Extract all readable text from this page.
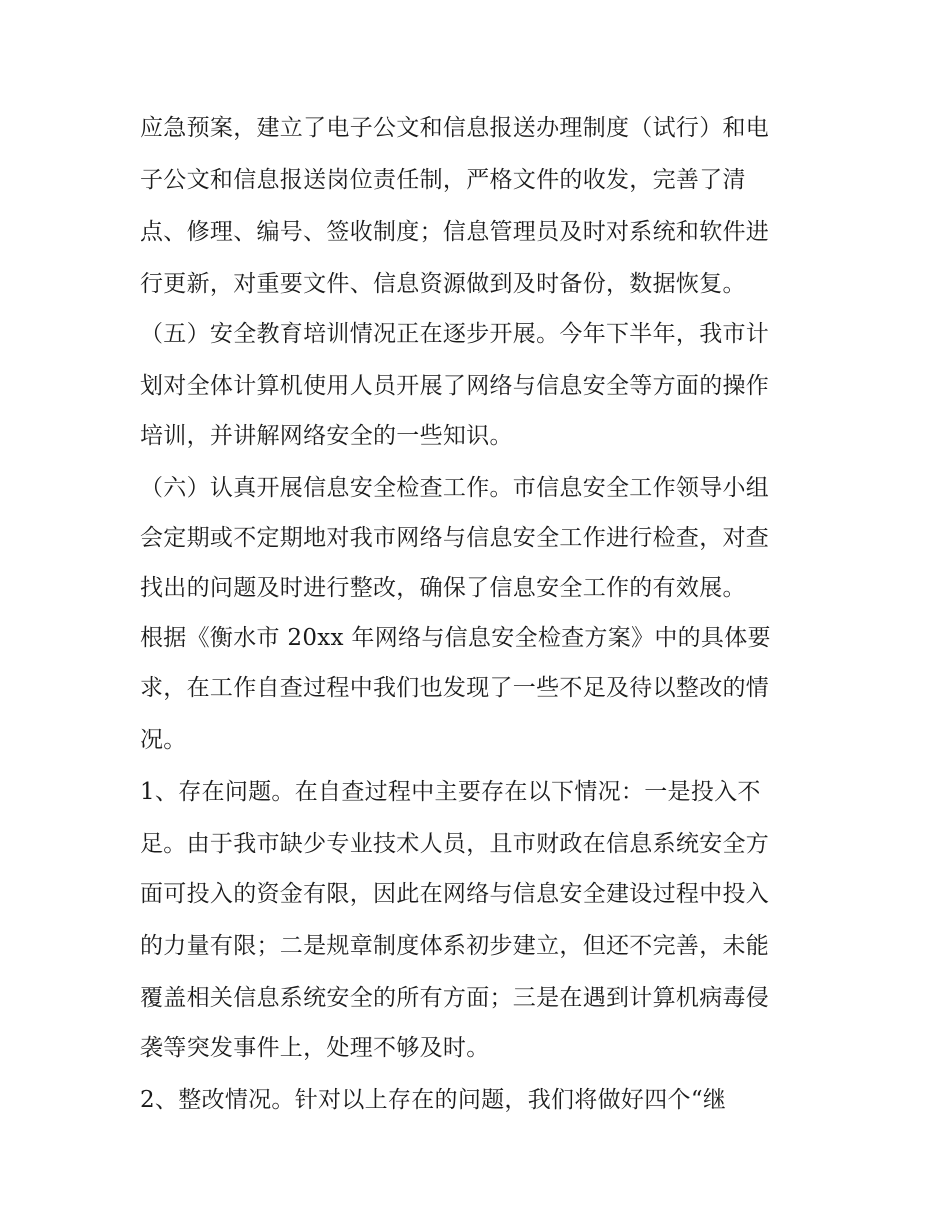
应急预案，建立了电子公文和信息报送办理制度（试行）和电
子公文和信息报送岗位责任制，严格文件的收发，完善了清
点、修理、编号、签收制度；信息管理员及时对系统和软件进
行更新，对重要文件、信息资源做到及时备份，数据恢复。
（五）安全教育培训情况正在逐步开展。今年下半年，我市计
划对全体计算机使用人员开展了网络与信息安全等方面的操作
培训，并讲解网络安全的一些知识。
（六）认真开展信息安全检查工作。市信息安全工作领导小组
会定期或不定期地对我市网络与信息安全工作进行检查，对查
找出的问题及时进行整改，确保了信息安全工作的有效展。
根据《衡水市 20xx 年网络与信息安全检查方案》中的具体要
求，在工作自查过程中我们也发现了一些不足及待以整改的情
况。
1、存在问题。在自查过程中主要存在以下情况：一是投入不
足。由于我市缺少专业技术人员，且市财政在信息系统安全方
面可投入的资金有限，因此在网络与信息安全建设过程中投入
的力量有限；二是规章制度体系初步建立，但还不完善，未能
覆盖相关信息系统安全的所有方面；三是在遇到计算机病毒侵
袭等突发事件上，处理不够及时。
2、整改情况。针对以上存在的问题，我们将做好四个“继
